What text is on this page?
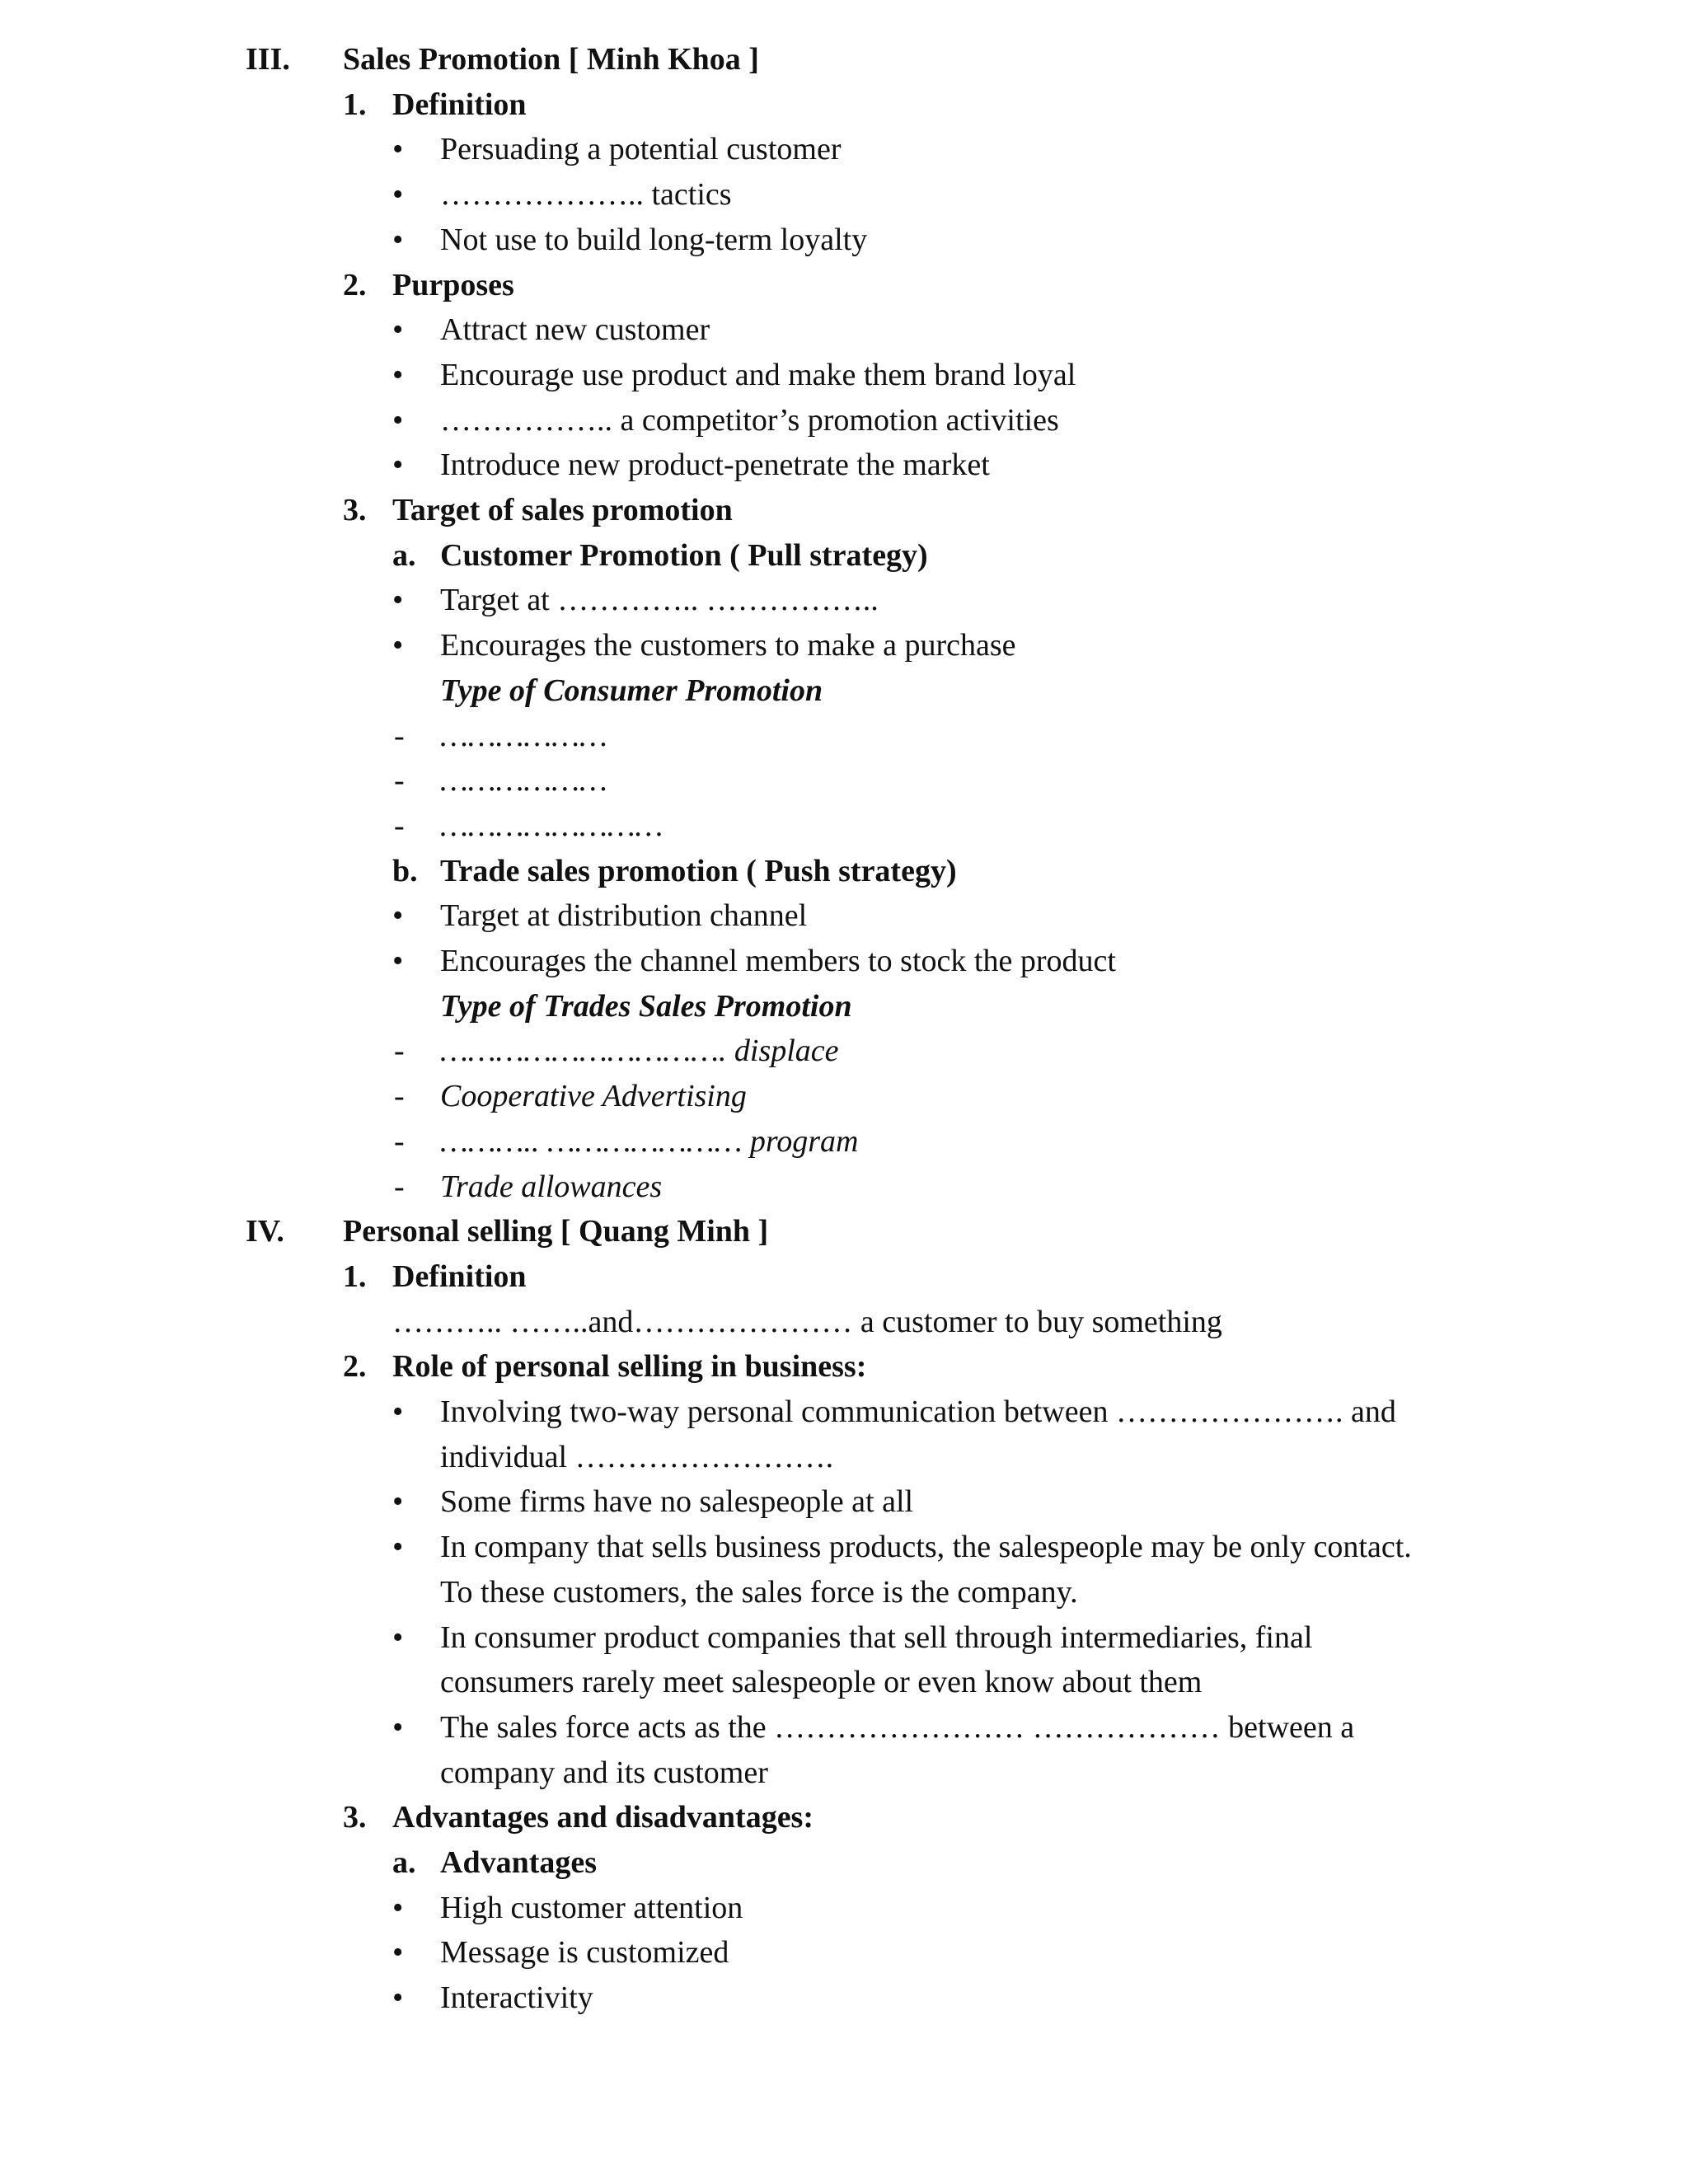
III. Sales Promotion [ Minh Khoa ]
1. Definition
• Persuading a potential customer
• ……………….. tactics
• Not use to build long-term loyalty
2. Purposes
• Attract new customer
• Encourage use product and make them brand loyal
• …………….. a competitor’s promotion activities
• Introduce new product-penetrate the market
3. Target of sales promotion
a. Customer Promotion ( Pull strategy)
• Target at ………….. ……………..
• Encourages the customers to make a purchase
Type of Consumer Promotion
- ………………
- ………………
- ……………………
b. Trade sales promotion ( Push strategy)
• Target at distribution channel
• Encourages the channel members to stock the product
Type of Trades Sales Promotion
- …………………………. displace
- Cooperative Advertising
- ……….. ………………… program
- Trade allowances
IV. Personal selling [ Quang Minh ]
1. Definition
……….. ……..and………………… a customer to buy something
2. Role of personal selling in business:
• Involving two-way personal communication between …………………. and
individual …………………….
• Some firms have no salespeople at all
• In company that sells business products, the salespeople may be only contact.
To these customers, the sales force is the company.
• In consumer product companies that sell through intermediaries, final
consumers rarely meet salespeople or even know about them
• The sales force acts as the …………………… ……………… between a
company and its customer
3. Advantages and disadvantages:
a. Advantages
• High customer attention
• Message is customized
• Interactivity
